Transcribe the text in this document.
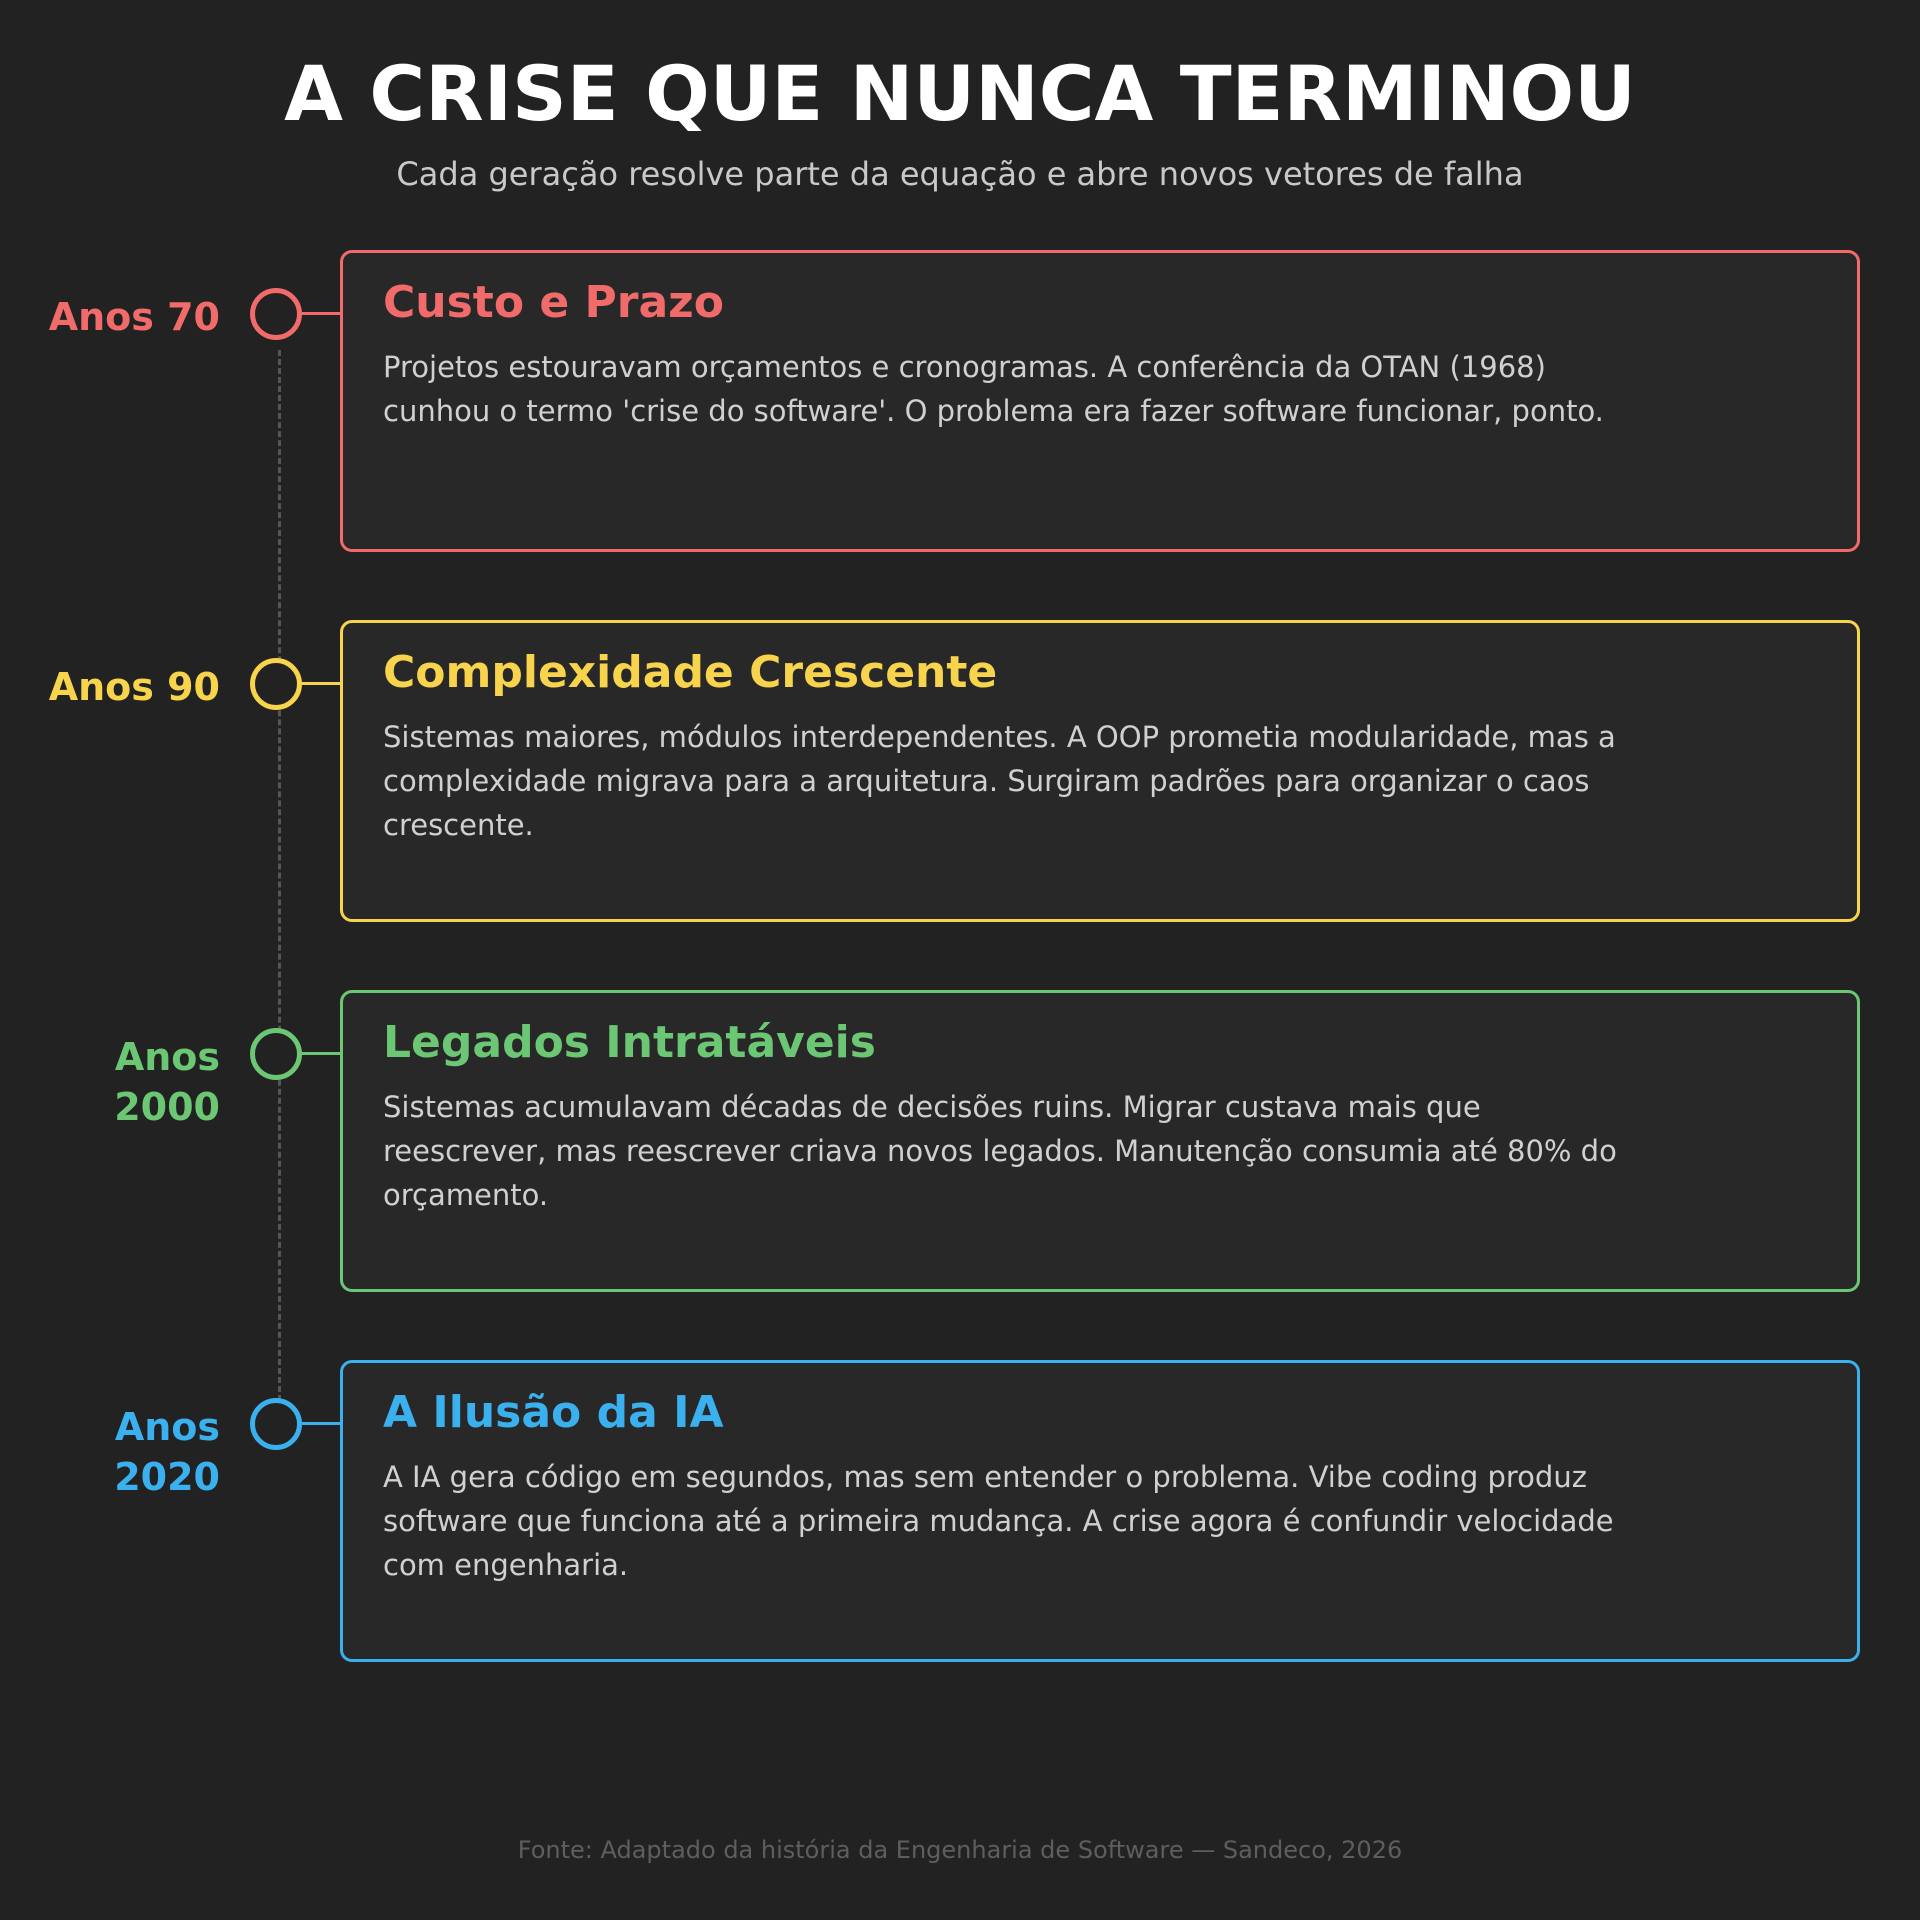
A CRISE QUE NUNCA TERMINOU
Cada geração resolve parte da equação e abre novos vetores de falha
Anos 70	Custo e Prazo
Projetos estouravam orçamentos e cronogramas. A conferência da OTAN (1968) cunhou o termo 'crise do software'. O problema era fazer software funcionar, ponto.
Anos 90	Complexidade Crescente
Sistemas maiores, módulos interdependentes. A OOP prometia modularidade, mas a complexidade migrava para a arquitetura. Surgiram padrões para organizar o caos crescente.
Anos 2000
Legados Intratáveis
Sistemas acumulavam décadas de decisões ruins. Migrar custava mais que reescrever, mas reescrever criava novos legados. Manutenção consumia até 80% do orçamento.
Anos 2020
A Ilusão da IA
A IA gera código em segundos, mas sem entender o problema. Vibe coding produz software que funciona até a primeira mudança. A crise agora é confundir velocidade com engenharia.
Fonte: Adaptado da história da Engenharia de Software — Sandeco, 2026
